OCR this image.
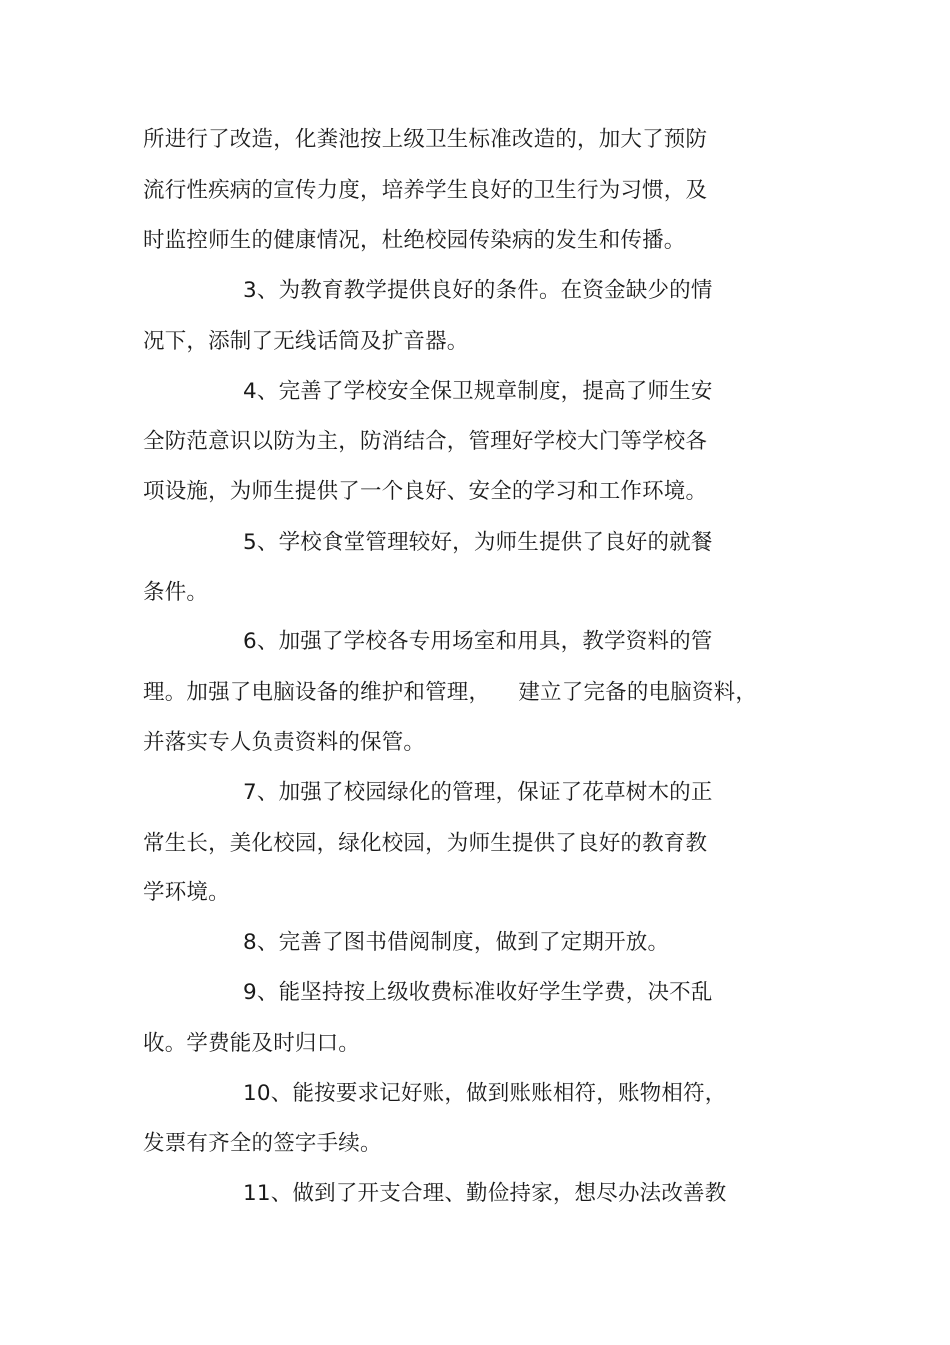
所进行了改造，化粪池按上级卫生标准改造的，加大了预防
流行性疾病的宣传力度，培养学生良好的卫生行为习惯，及
时监控师生的健康情况，杜绝校园传染病的发生和传播。
3、为教育教学提供良好的条件。在资金缺少的情
况下，添制了无线话筒及扩音器。
4、完善了学校安全保卫规章制度，提高了师生安
全防范意识以防为主，防消结合，管理好学校大门等学校各
项设施，为师生提供了一个良好、安全的学习和工作环境。
5、学校食堂管理较好，为师生提供了良好的就餐
条件。
6、加强了学校各专用场室和用具，教学资料的管
理。加强了电脑设备的维护和管理，    建立了完备的电脑资料，
并落实专人负责资料的保管。
7、加强了校园绿化的管理，保证了花草树木的正
常生长，美化校园，绿化校园，为师生提供了良好的教育教
学环境。
8、完善了图书借阅制度，做到了定期开放。
9、能坚持按上级收费标准收好学生学费，决不乱
收。学费能及时归口。
10、能按要求记好账，做到账账相符，账物相符，
发票有齐全的签字手续。
11、做到了开支合理、勤俭持家，想尽办法改善教
